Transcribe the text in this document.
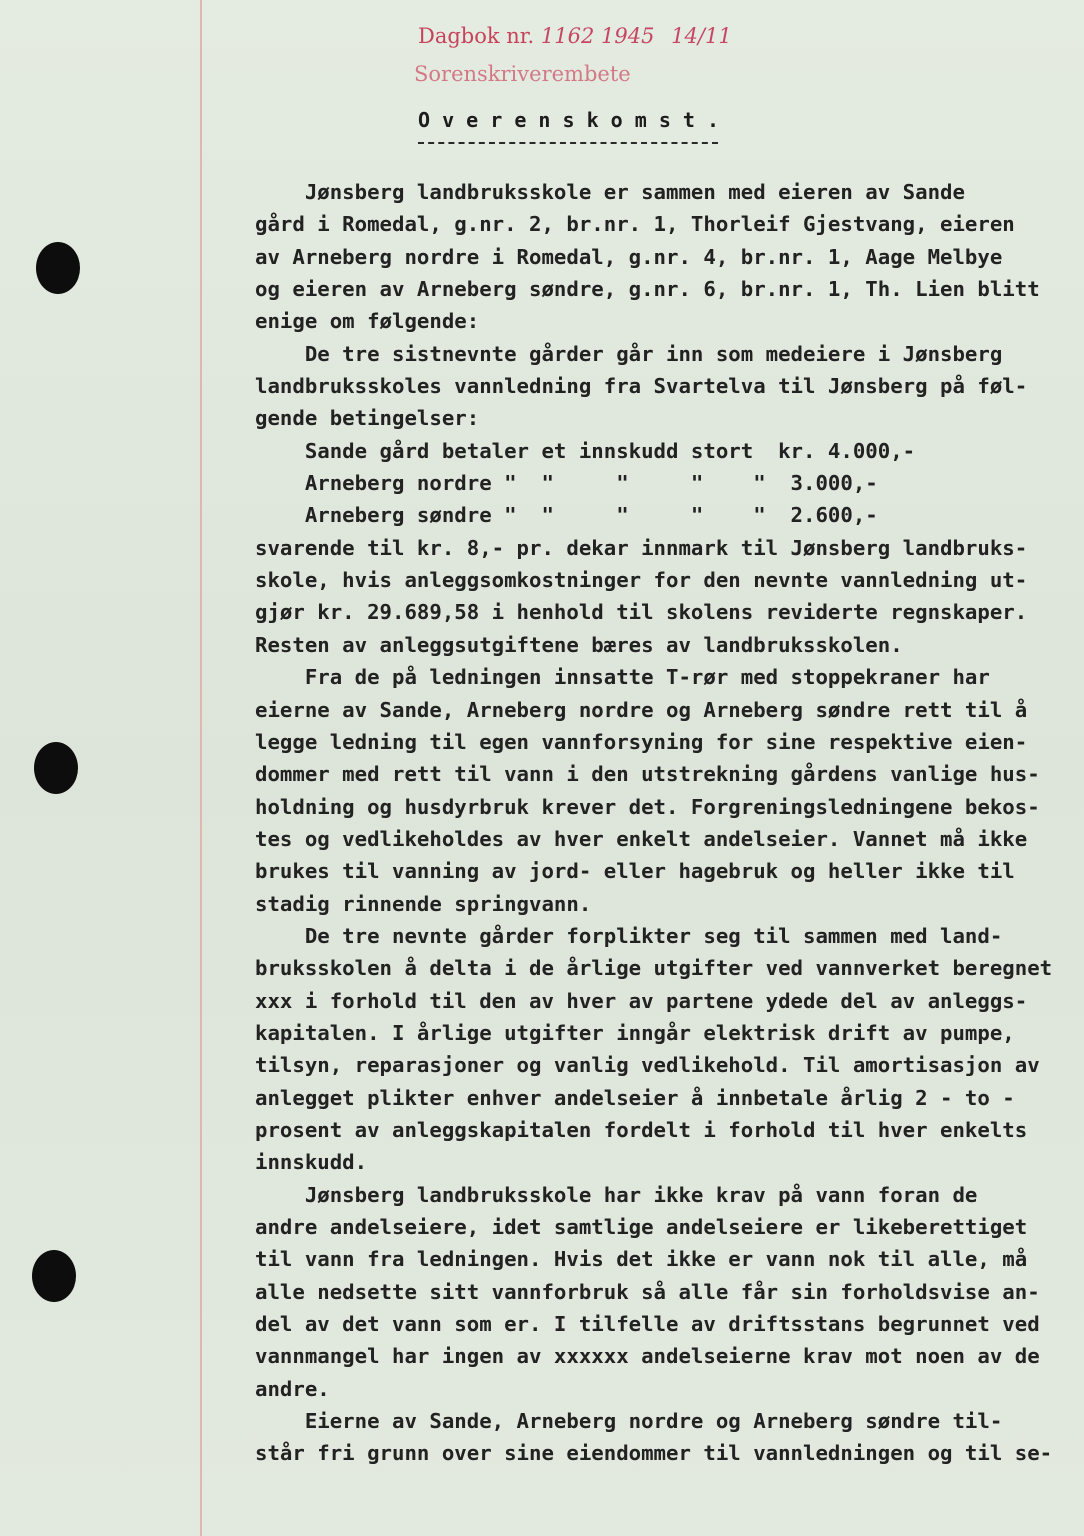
Dagbok nr. 1162 1945 14/11
Sorenskriverembete
O v e r e n s k o m s t .
Jønsberg landbruksskole er sammen med eieren av Sande
gård i Romedal, g.nr. 2, br.nr. 1, Thorleif Gjestvang, eieren
av Arneberg nordre i Romedal, g.nr. 4, br.nr. 1, Aage Melbye
og eieren av Arneberg søndre, g.nr. 6, br.nr. 1, Th. Lien blitt
enige om følgende:
De tre sistnevnte gårder går inn som medeiere i Jønsberg
landbruksskoles vannledning fra Svartelva til Jønsberg på føl-
gende betingelser:
Sande gård betaler et innskudd stort  kr. 4.000,-
Arneberg nordre "  "     "     "    "  3.000,-
Arneberg søndre "  "     "     "    "  2.600,-
svarende til kr. 8,- pr. dekar innmark til Jønsberg landbruks-
skole, hvis anleggsomkostninger for den nevnte vannledning ut-
gjør kr. 29.689,58 i henhold til skolens reviderte regnskaper.
Resten av anleggsutgiftene bæres av landbruksskolen.
Fra de på ledningen innsatte T-rør med stoppekraner har
eierne av Sande, Arneberg nordre og Arneberg søndre rett til å
legge ledning til egen vannforsyning for sine respektive eien-
dommer med rett til vann i den utstrekning gårdens vanlige hus-
holdning og husdyrbruk krever det. Forgreningsledningene bekos-
tes og vedlikeholdes av hver enkelt andelseier. Vannet må ikke
brukes til vanning av jord- eller hagebruk og heller ikke til
stadig rinnende springvann.
De tre nevnte gårder forplikter seg til sammen med land-
bruksskolen å delta i de årlige utgifter ved vannverket beregnet
xxx i forhold til den av hver av partene ydede del av anleggs-
kapitalen. I årlige utgifter inngår elektrisk drift av pumpe,
tilsyn, reparasjoner og vanlig vedlikehold. Til amortisasjon av
anlegget plikter enhver andelseier å innbetale årlig 2 - to -
prosent av anleggskapitalen fordelt i forhold til hver enkelts
innskudd.
Jønsberg landbruksskole har ikke krav på vann foran de
andre andelseiere, idet samtlige andelseiere er likeberettiget
til vann fra ledningen. Hvis det ikke er vann nok til alle, må
alle nedsette sitt vannforbruk så alle får sin forholdsvise an-
del av det vann som er. I tilfelle av driftsstans begrunnet ved
vannmangel har ingen av xxxxxx andelseierne krav mot noen av de
andre.
Eierne av Sande, Arneberg nordre og Arneberg søndre til-
står fri grunn over sine eiendommer til vannledningen og til se-
